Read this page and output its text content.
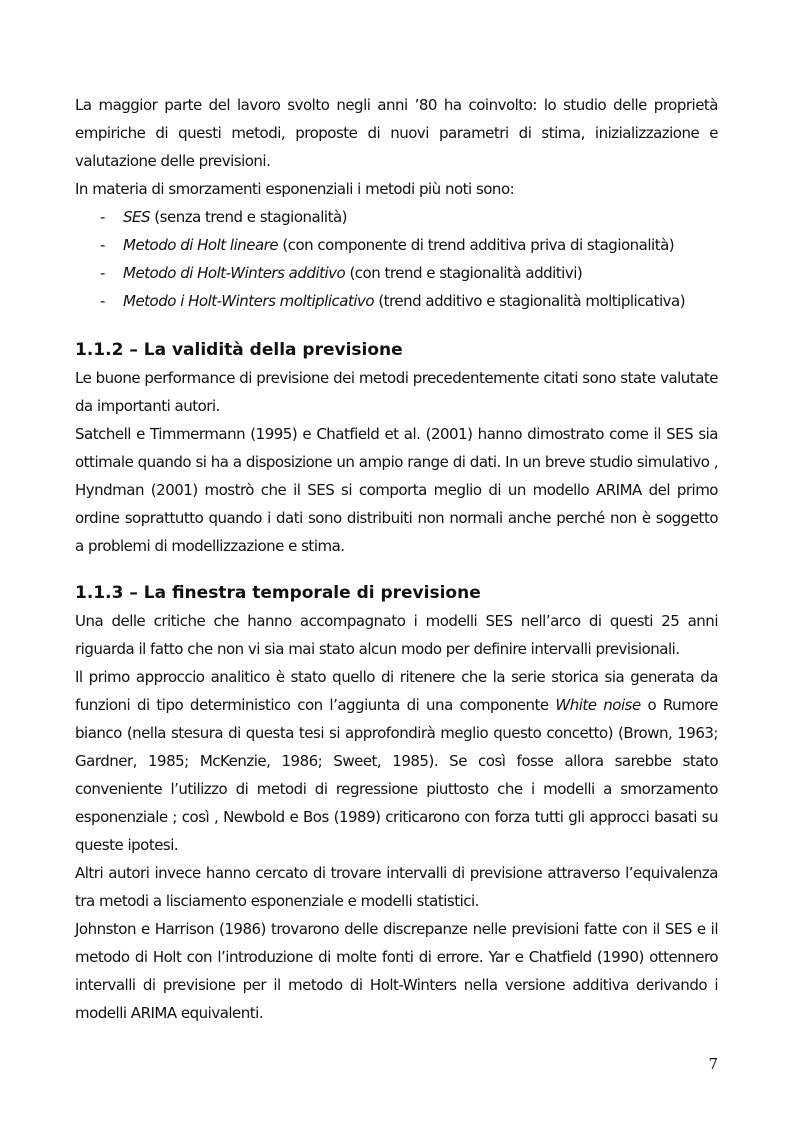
La maggior parte del lavoro svolto negli anni ’80 ha coinvolto: lo studio delle proprietà empiriche di questi metodi, proposte di nuovi parametri di stima, inizializzazione e valutazione delle previsioni.

In materia di smorzamenti esponenziali i metodi più noti sono:

- SES (senza trend e stagionalità)
- Metodo di Holt lineare (con componente di trend additiva priva di stagionalità)
- Metodo di Holt-Winters additivo (con trend e stagionalità additivi)
- Metodo i Holt-Winters moltiplicativo (trend additivo e stagionalità moltiplicativa)
1.1.2 – La validità della previsione

Le buone performance di previsione dei metodi precedentemente citati sono state valutate da importanti autori.

Satchell e Timmermann (1995) e Chatfield et al. (2001) hanno dimostrato come il SES sia ottimale quando si ha a disposizione un ampio range di dati. In un breve studio simulativo , Hyndman (2001) mostrò che il SES si comporta meglio di un modello ARIMA del primo ordine soprattutto quando i dati sono distribuiti non normali anche perché non è soggetto a problemi di modellizzazione e stima.

1.1.3 – La finestra temporale di previsione

Una delle critiche che hanno accompagnato i modelli SES nell’arco di questi 25 anni riguarda il fatto che non vi sia mai stato alcun modo per definire intervalli previsionali.

Il primo approccio analitico è stato quello di ritenere che la serie storica sia generata da funzioni di tipo deterministico con l’aggiunta di una componente White noise o Rumore bianco (nella stesura di questa tesi si approfondirà meglio questo concetto) (Brown, 1963; Gardner, 1985; McKenzie, 1986; Sweet, 1985). Se così fosse allora sarebbe stato conveniente l’utilizzo di metodi di regressione piuttosto che i modelli a smorzamento esponenziale ; così , Newbold e Bos (1989) criticarono con forza tutti gli approcci basati su queste ipotesi.

Altri autori invece hanno cercato di trovare intervalli di previsione attraverso l’equivalenza tra metodi a lisciamento esponenziale e modelli statistici.

Johnston e Harrison (1986) trovarono delle discrepanze nelle previsioni fatte con il SES e il metodo di Holt con l’introduzione di molte fonti di errore. Yar e Chatfield (1990) ottennero intervalli di previsione per il metodo di Holt-Winters nella versione additiva derivando i modelli ARIMA equivalenti.

7
